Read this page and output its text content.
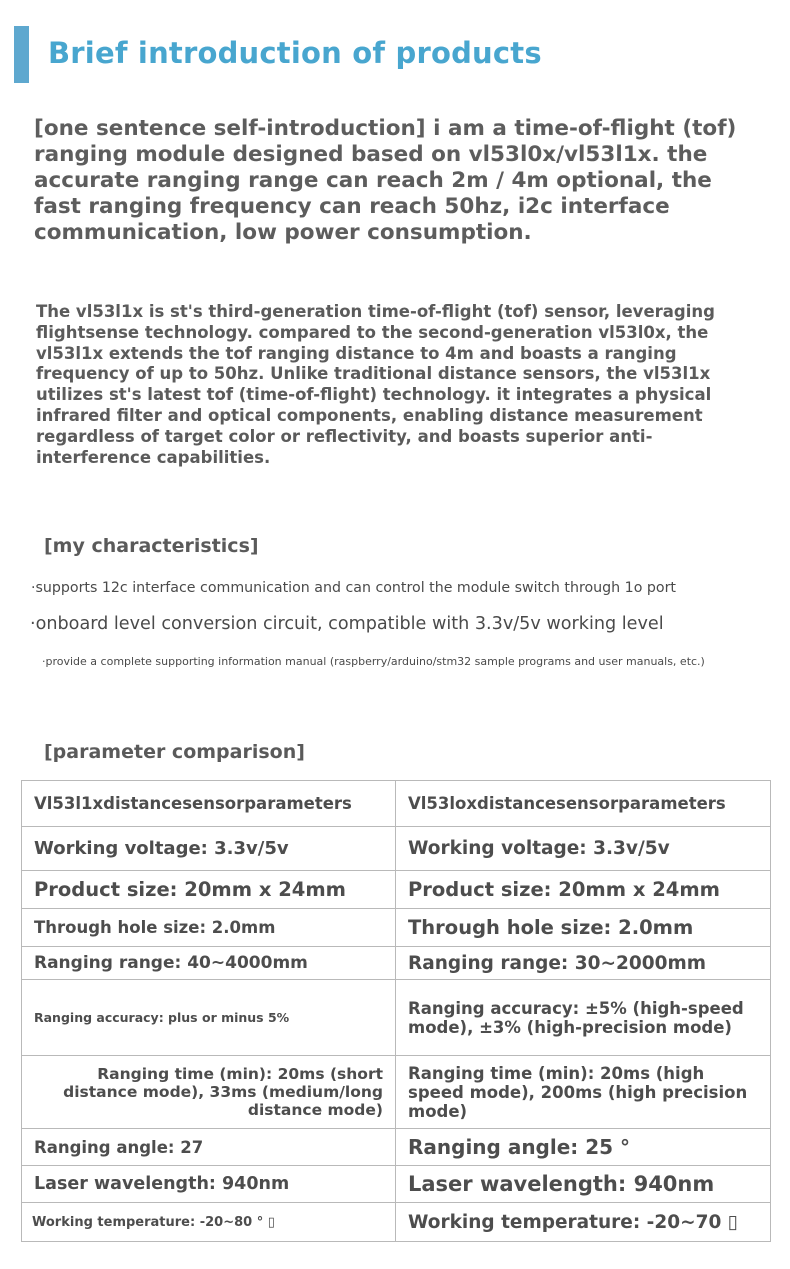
Brief introduction of products
[one sentence self-introduction] i am a time-of-flight (tof) ranging module designed based on vl53l0x/vl53l1x. the accurate ranging range can reach 2m / 4m optional, the fast ranging frequency can reach 50hz, i2c interface communication, low power consumption.
The vl53l1x is st's third-generation time-of-flight (tof) sensor, leveraging flightsense technology. compared to the second-generation vl53l0x, the vl53l1x extends the tof ranging distance to 4m and boasts a ranging frequency of up to 50hz. Unlike traditional distance sensors, the vl53l1x utilizes st's latest tof (time-of-flight) technology. it integrates a physical infrared filter and optical components, enabling distance measurement regardless of target color or reflectivity, and boasts superior anti-interference capabilities.
[my characteristics]
·supports 12c interface communication and can control the module switch through 1o port
·onboard level conversion circuit, compatible with 3.3v/5v working level
·provide a complete supporting information manual (raspberry/arduino/stm32 sample programs and user manuals, etc.)
[parameter comparison]
Vl53l1xdistancesensorparameters	Vl53loxdistancesensorparameters
Working voltage: 3.3v/5v	Working voltage: 3.3v/5v
Product size: 20mm x 24mm	Product size: 20mm x 24mm
Through hole size: 2.0mm	Through hole size: 2.0mm
Ranging range: 40~4000mm	Ranging range: 30~2000mm
Ranging accuracy: plus or minus 5%	Ranging accuracy: ±5% (high-speed mode), ±3% (high-precision mode)
Ranging time (min): 20ms (short distance mode), 33ms (medium/long distance mode)	Ranging time (min): 20ms (high speed mode), 200ms (high precision mode)
Ranging angle: 27	Ranging angle: 25 °
Laser wavelength: 940nm	Laser wavelength: 940nm
Working temperature: -20~80 ° ▯	Working temperature: -20~70 ▯
